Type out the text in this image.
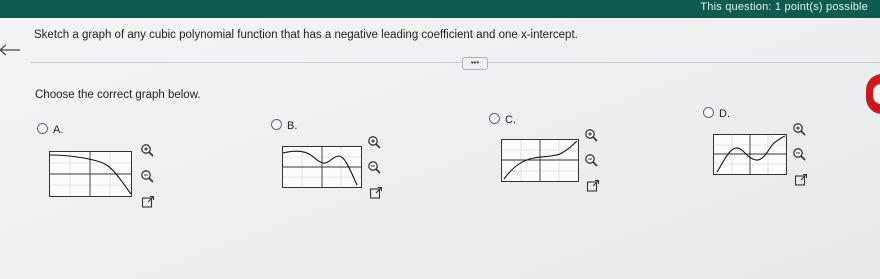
This question: 1 point(s) possible
Sketch a graph of any cubic polynomial function that has a negative leading coefficient and one x-intercept.
•••
Choose the correct graph below.
A.	B.	C.	D.
